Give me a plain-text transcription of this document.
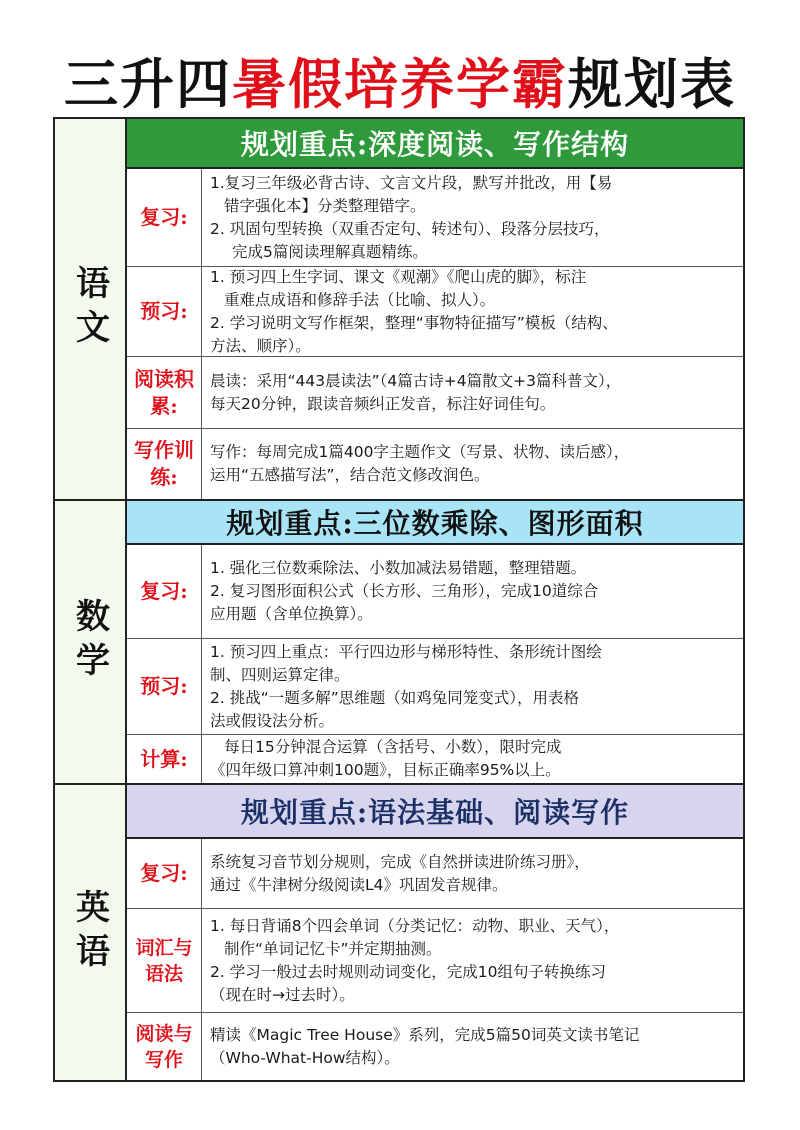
三升四暑假培养学霸规划表
语文
规划重点:深度阅读、写作结构
复习:

1.复习三年级必背古诗、文言文片段，默写并批改，用【易

错字强化本】分类整理错字。

2. 巩固句型转换（双重否定句、转述句）、段落分层技巧，

完成5篇阅读理解真题精练。

预习:

1. 预习四上生字词、课文《观潮》《爬山虎的脚》，标注

重难点成语和修辞手法（比喻、拟人）。

2. 学习说明文写作框架，整理“事物特征描写”模板（结构、

方法、顺序）。

阅读积累:

晨读：采用“443晨读法”（4篇古诗+4篇散文+3篇科普文），

每天20分钟，跟读音频纠正发音，标注好词佳句。

写作训练:

写作：每周完成1篇400字主题作文（写景、状物、读后感），

运用“五感描写法”，结合范文修改润色。

数学
规划重点:三位数乘除、图形面积
复习:

1. 强化三位数乘除法、小数加减法易错题，整理错题。

2. 复习图形面积公式（长方形、三角形），完成10道综合

应用题（含单位换算）。

预习:

1. 预习四上重点：平行四边形与梯形特性、条形统计图绘

制、四则运算定律。

2. 挑战“一题多解”思维题（如鸡兔同笼变式），用表格

法或假设法分析。

计算:	每日15分钟混合运算（含括号、小数），限时完成

《四年级口算冲刺100题》，目标正确率95%以上。

英语
规划重点:语法基础、阅读写作
复习:	系统复习音节划分规则，完成《自然拼读进阶练习册》，

通过《牛津树分级阅读L4》巩固发音规律。

词汇与语法

1. 每日背诵8个四会单词（分类记忆：动物、职业、天气），

制作“单词记忆卡”并定期抽测。

2. 学习一般过去时规则动词变化，完成10组句子转换练习

（现在时→过去时）。

阅读与写作

精读《Magic Tree House》系列，完成5篇50词英文读书笔记

（Who-What-How结构）。
